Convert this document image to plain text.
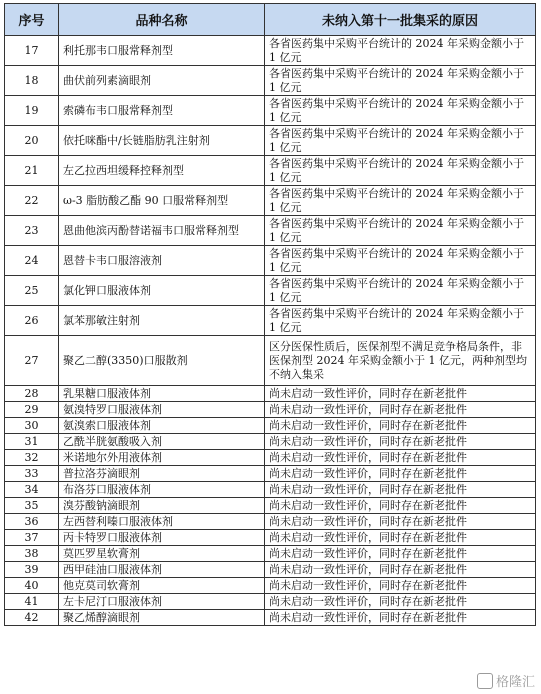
序号	品种名称	未纳入第十一批集采的原因
17	利托那韦口服常释剂型	各省医药集中采购平台统计的 2024 年采购金额小于 1 亿元
18	曲伏前列素滴眼剂	各省医药集中采购平台统计的 2024 年采购金额小于 1 亿元
19	索磷布韦口服常释剂型	各省医药集中采购平台统计的 2024 年采购金额小于 1 亿元
20	依托咪酯中/长链脂肪乳注射剂	各省医药集中采购平台统计的 2024 年采购金额小于 1 亿元
21	左乙拉西坦缓释控释剂型	各省医药集中采购平台统计的 2024 年采购金额小于 1 亿元
22	ω-3 脂肪酸乙酯 90 口服常释剂型	各省医药集中采购平台统计的 2024 年采购金额小于 1 亿元
23	恩曲他滨丙酚替诺福韦口服常释剂型	各省医药集中采购平台统计的 2024 年采购金额小于 1 亿元
24	恩替卡韦口服溶液剂	各省医药集中采购平台统计的 2024 年采购金额小于 1 亿元
25	氯化钾口服液体剂	各省医药集中采购平台统计的 2024 年采购金额小于 1 亿元
26	氯苯那敏注射剂	各省医药集中采购平台统计的 2024 年采购金额小于 1 亿元
27	聚乙二醇(3350)口服散剂	区分医保性质后，医保剂型不满足竞争格局条件，非医保剂型 2024 年采购金额小于 1 亿元，两种剂型均不纳入集采
28	乳果糖口服液体剂	尚未启动一致性评价，同时存在新老批件
29	氨溴特罗口服液体剂	尚未启动一致性评价，同时存在新老批件
30	氨溴索口服液体剂	尚未启动一致性评价，同时存在新老批件
31	乙酰半胱氨酸吸入剂	尚未启动一致性评价，同时存在新老批件
32	米诺地尔外用液体剂	尚未启动一致性评价，同时存在新老批件
33	普拉洛芬滴眼剂	尚未启动一致性评价，同时存在新老批件
34	布洛芬口服液体剂	尚未启动一致性评价，同时存在新老批件
35	溴芬酸钠滴眼剂	尚未启动一致性评价，同时存在新老批件
36	左西替利嗪口服液体剂	尚未启动一致性评价，同时存在新老批件
37	丙卡特罗口服液体剂	尚未启动一致性评价，同时存在新老批件
38	莫匹罗星软膏剂	尚未启动一致性评价，同时存在新老批件
39	西甲硅油口服液体剂	尚未启动一致性评价，同时存在新老批件
40	他克莫司软膏剂	尚未启动一致性评价，同时存在新老批件
41	左卡尼汀口服液体剂	尚未启动一致性评价，同时存在新老批件
42	聚乙烯醇滴眼剂	尚未启动一致性评价，同时存在新老批件
格隆汇
